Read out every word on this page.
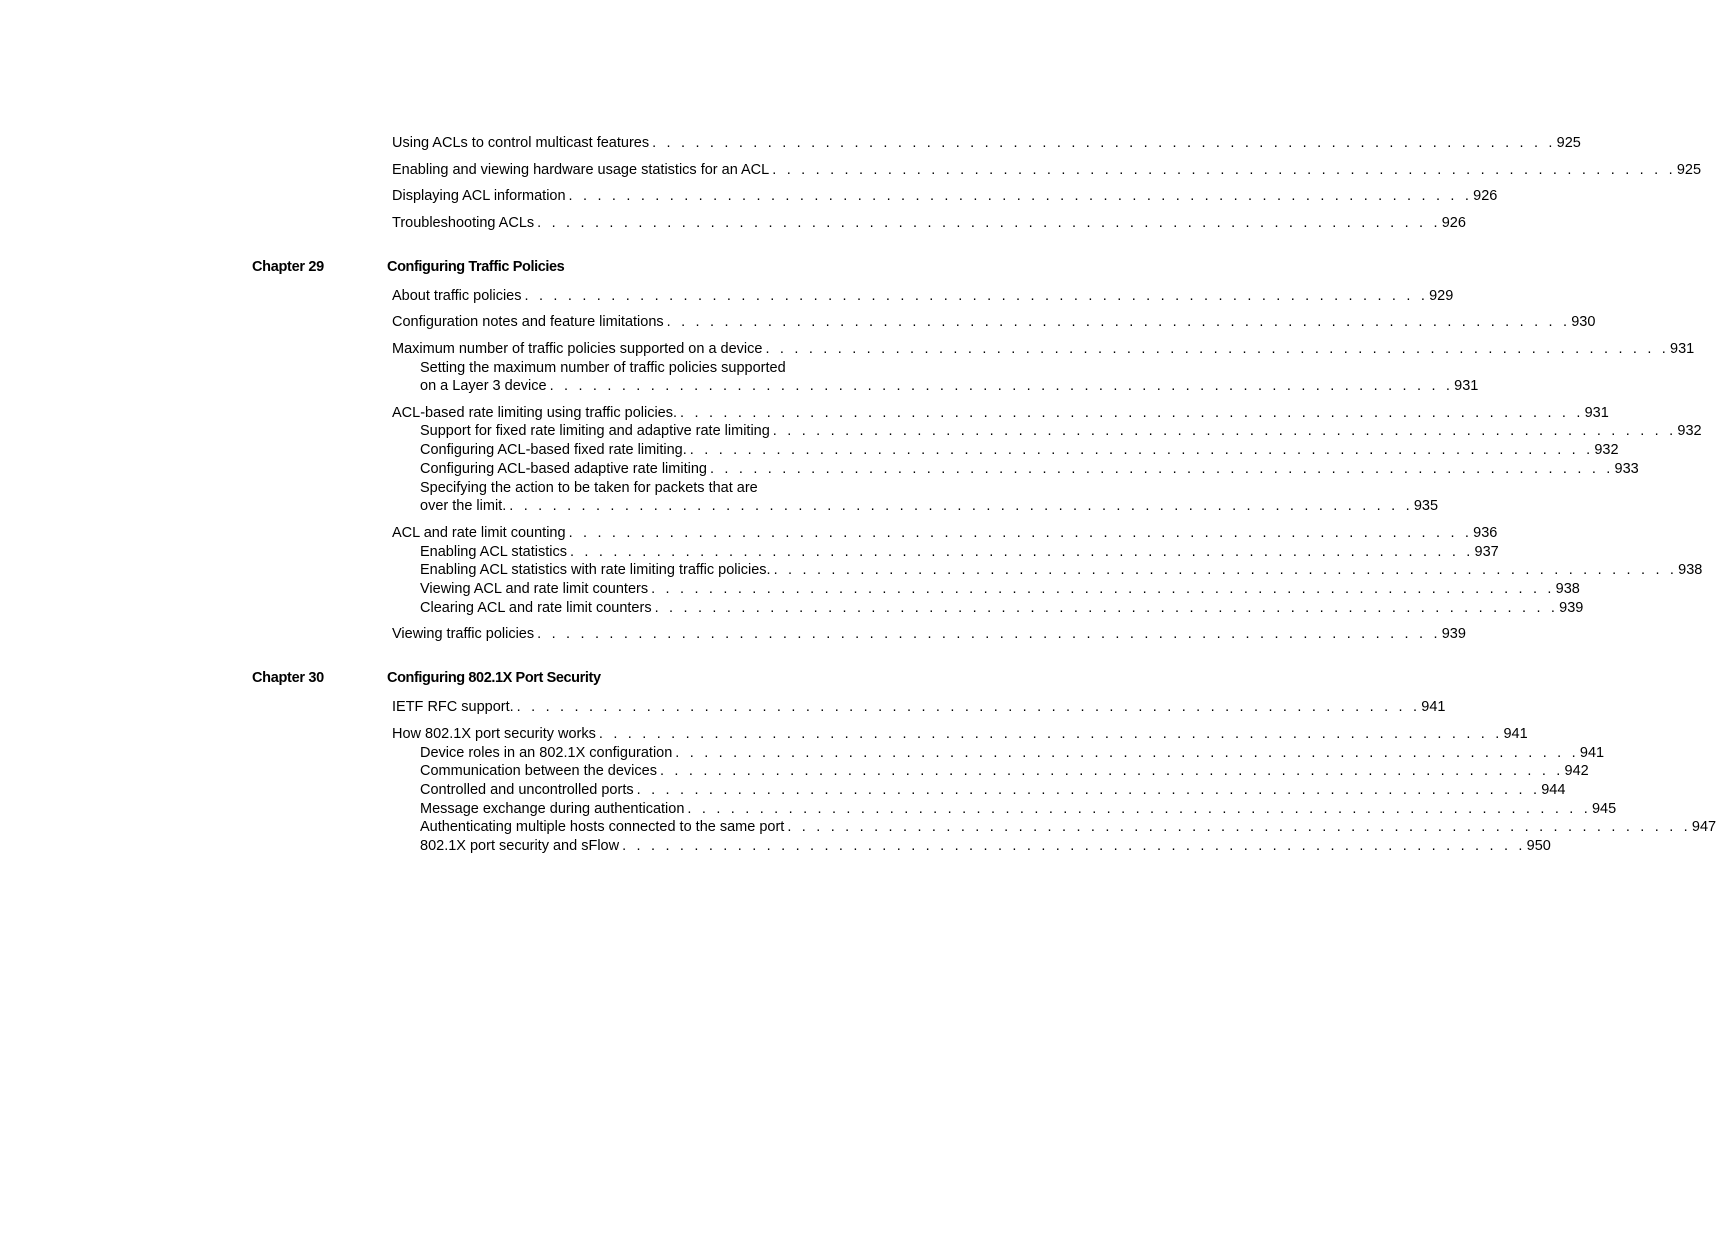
Using ACLs to control multicast features . . . . . . . . . . . . . . . . . . . . . . . . . . . . . . . . . . . . . . . . . . . . . . . . . . . . . . . . . . . . . . . 925
Enabling and viewing hardware usage statistics for an ACL . . . . . . . . . . . . . . . . . . . . . . . . . . . . . . . . . . . . . . . . . . . . . . . . . . . . . . . . . . . . . . . 925
Displaying ACL information . . . . . . . . . . . . . . . . . . . . . . . . . . . . . . . . . . . . . . . . . . . . . . . . . . . . . . . . . . . . . . . 926
Troubleshooting ACLs . . . . . . . . . . . . . . . . . . . . . . . . . . . . . . . . . . . . . . . . . . . . . . . . . . . . . . . . . . . . . . . 926
Chapter 29	Configuring Traffic Policies
About traffic policies . . . . . . . . . . . . . . . . . . . . . . . . . . . . . . . . . . . . . . . . . . . . . . . . . . . . . . . . . . . . . . . 929
Configuration notes and feature limitations . . . . . . . . . . . . . . . . . . . . . . . . . . . . . . . . . . . . . . . . . . . . . . . . . . . . . . . . . . . . . . . 930
Maximum number of traffic policies supported on a device . . . . . . . . . . . . . . . . . . . . . . . . . . . . . . . . . . . . . . . . . . . . . . . . . . . . . . . . . . . . . . . 931
Setting the maximum number of traffic policies supported
on a Layer 3 device . . . . . . . . . . . . . . . . . . . . . . . . . . . . . . . . . . . . . . . . . . . . . . . . . . . . . . . . . . . . . . . 931
ACL-based rate limiting using traffic policies. . . . . . . . . . . . . . . . . . . . . . . . . . . . . . . . . . . . . . . . . . . . . . . . . . . . . . . . . . . . . . . . 931
Support for fixed rate limiting and adaptive rate limiting . . . . . . . . . . . . . . . . . . . . . . . . . . . . . . . . . . . . . . . . . . . . . . . . . . . . . . . . . . . . . . . 932
Configuring ACL-based fixed rate limiting. . . . . . . . . . . . . . . . . . . . . . . . . . . . . . . . . . . . . . . . . . . . . . . . . . . . . . . . . . . . . . . . 932
Configuring ACL-based adaptive rate limiting . . . . . . . . . . . . . . . . . . . . . . . . . . . . . . . . . . . . . . . . . . . . . . . . . . . . . . . . . . . . . . . 933
Specifying the action to be taken for packets that are
over the limit. . . . . . . . . . . . . . . . . . . . . . . . . . . . . . . . . . . . . . . . . . . . . . . . . . . . . . . . . . . . . . . . 935
ACL and rate limit counting . . . . . . . . . . . . . . . . . . . . . . . . . . . . . . . . . . . . . . . . . . . . . . . . . . . . . . . . . . . . . . . 936
Enabling ACL statistics . . . . . . . . . . . . . . . . . . . . . . . . . . . . . . . . . . . . . . . . . . . . . . . . . . . . . . . . . . . . . . . 937
Enabling ACL statistics with rate limiting traffic policies. . . . . . . . . . . . . . . . . . . . . . . . . . . . . . . . . . . . . . . . . . . . . . . . . . . . . . . . . . . . . . . . 938
Viewing ACL and rate limit counters . . . . . . . . . . . . . . . . . . . . . . . . . . . . . . . . . . . . . . . . . . . . . . . . . . . . . . . . . . . . . . . 938
Clearing ACL and rate limit counters . . . . . . . . . . . . . . . . . . . . . . . . . . . . . . . . . . . . . . . . . . . . . . . . . . . . . . . . . . . . . . . 939
Viewing traffic policies . . . . . . . . . . . . . . . . . . . . . . . . . . . . . . . . . . . . . . . . . . . . . . . . . . . . . . . . . . . . . . . 939
Chapter 30	Configuring 802.1X Port Security
IETF RFC support. . . . . . . . . . . . . . . . . . . . . . . . . . . . . . . . . . . . . . . . . . . . . . . . . . . . . . . . . . . . . . . . 941
How 802.1X port security works . . . . . . . . . . . . . . . . . . . . . . . . . . . . . . . . . . . . . . . . . . . . . . . . . . . . . . . . . . . . . . . 941
Device roles in an 802.1X configuration . . . . . . . . . . . . . . . . . . . . . . . . . . . . . . . . . . . . . . . . . . . . . . . . . . . . . . . . . . . . . . . 941
Communication between the devices . . . . . . . . . . . . . . . . . . . . . . . . . . . . . . . . . . . . . . . . . . . . . . . . . . . . . . . . . . . . . . . 942
Controlled and uncontrolled ports . . . . . . . . . . . . . . . . . . . . . . . . . . . . . . . . . . . . . . . . . . . . . . . . . . . . . . . . . . . . . . . 944
Message exchange during authentication . . . . . . . . . . . . . . . . . . . . . . . . . . . . . . . . . . . . . . . . . . . . . . . . . . . . . . . . . . . . . . . 945
Authenticating multiple hosts connected to the same port . . . . . . . . . . . . . . . . . . . . . . . . . . . . . . . . . . . . . . . . . . . . . . . . . . . . . . . . . . . . . . . 947
802.1X port security and sFlow . . . . . . . . . . . . . . . . . . . . . . . . . . . . . . . . . . . . . . . . . . . . . . . . . . . . . . . . . . . . . . . 950
